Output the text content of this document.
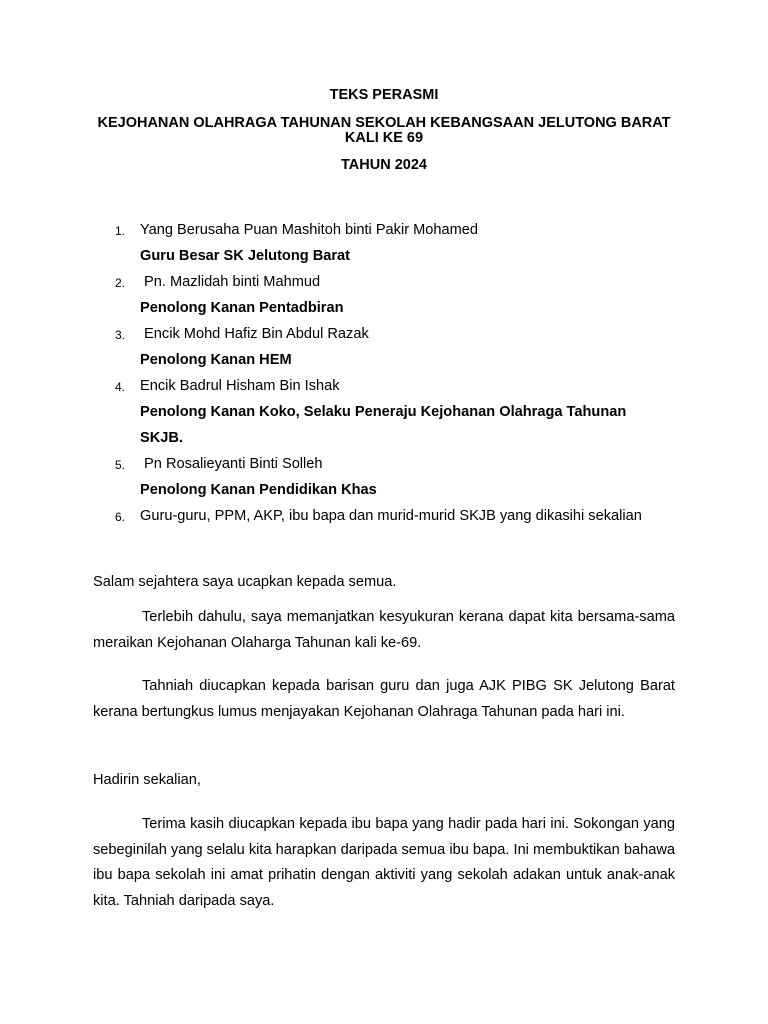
TEKS PERASMI

KEJOHANAN OLAHRAGA TAHUNAN SEKOLAH KEBANGSAAN JELUTONG BARAT KALI KE 69

TAHUN 2024

1. Yang Berusaha Puan Mashitoh binti Pakir Mohamed
Guru Besar SK Jelutong Barat
2. Pn. Mazlidah binti Mahmud
Penolong Kanan Pentadbiran
3. Encik Mohd Hafiz Bin Abdul Razak
Penolong Kanan HEM
4. Encik Badrul Hisham Bin Ishak
Penolong Kanan Koko, Selaku Peneraju Kejohanan Olahraga Tahunan
SKJB.
5. Pn Rosalieyanti Binti Solleh
Penolong Kanan Pendidikan Khas
6. Guru-guru, PPM, AKP, ibu bapa dan murid-murid SKJB yang dikasihi sekalian

Salam sejahtera saya ucapkan kepada semua.

Terlebih dahulu, saya memanjatkan kesyukuran kerana dapat kita bersama-sama meraikan Kejohanan Olaharga Tahunan kali ke-69.

Tahniah diucapkan kepada barisan guru dan juga AJK PIBG SK Jelutong Barat kerana bertungkus lumus menjayakan Kejohanan Olahraga Tahunan pada hari ini.

Hadirin sekalian,

Terima kasih diucapkan kepada ibu bapa yang hadir pada hari ini. Sokongan yang sebeginilah yang selalu kita harapkan daripada semua ibu bapa. Ini membuktikan bahawa ibu bapa sekolah ini amat prihatin dengan aktiviti yang sekolah adakan untuk anak-anak kita. Tahniah daripada saya.
